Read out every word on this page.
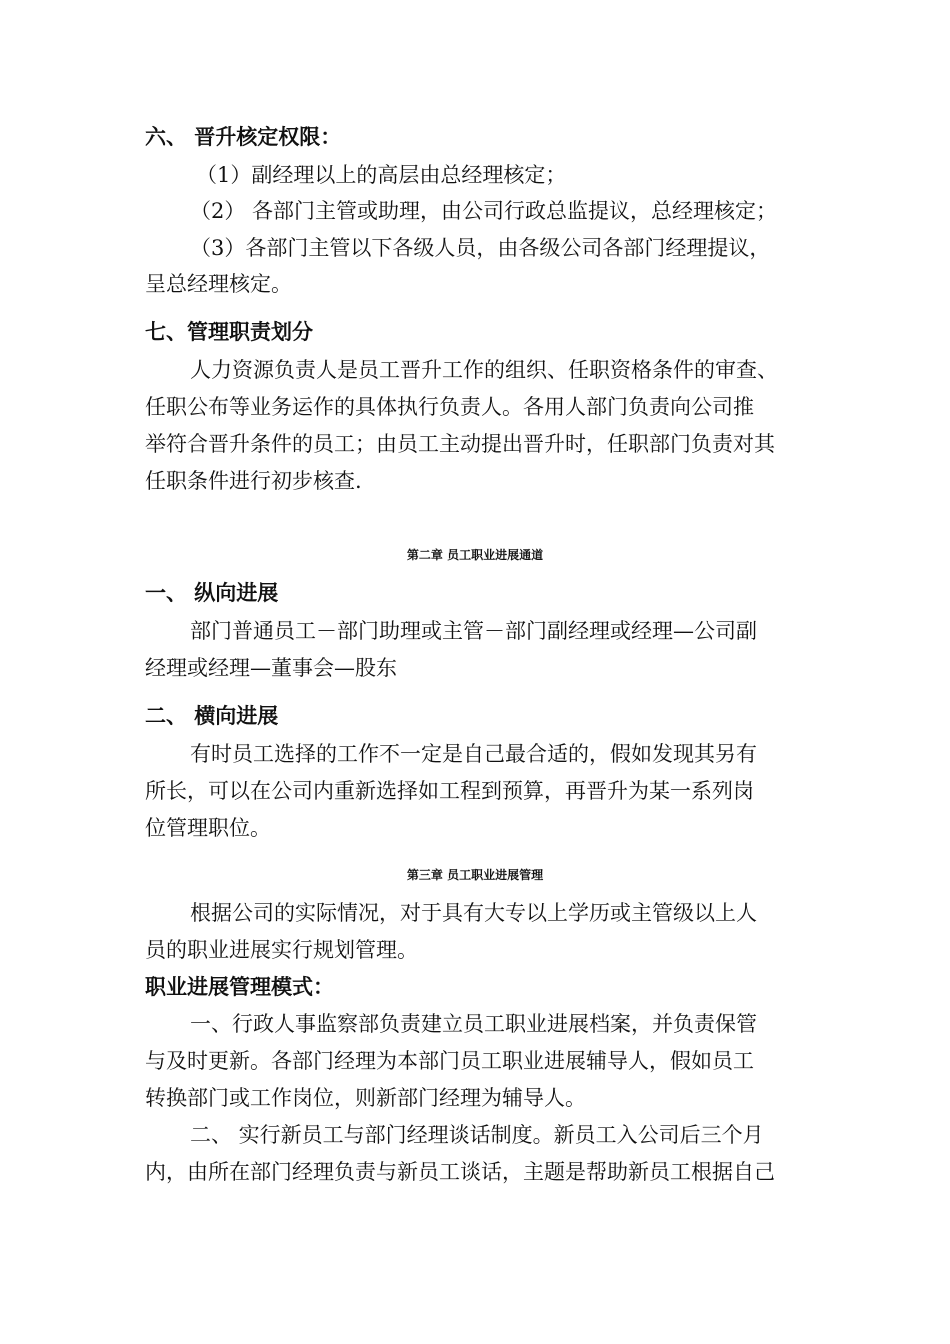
六、 晋升核定权限：
（1）副经理以上的高层由总经理核定；
（2） 各部门主管或助理，由公司行政总监提议，总经理核定；
（3）各部门主管以下各级人员，由各级公司各部门经理提议，
呈总经理核定。
七、管理职责划分
人力资源负责人是员工晋升工作的组织、任职资格条件的审查、
任职公布等业务运作的具体执行负责人。各用人部门负责向公司推
举符合晋升条件的员工；由员工主动提出晋升时，任职部门负责对其
任职条件进行初步核查.
第二章 员工职业进展通道
一、 纵向进展
部门普通员工－部门助理或主管－部门副经理或经理—公司副
经理或经理—董事会—股东
二、 横向进展
有时员工选择的工作不一定是自己最合适的，假如发现其另有
所长，可以在公司内重新选择如工程到预算，再晋升为某一系列岗
位管理职位。
第三章 员工职业进展管理
根据公司的实际情况，对于具有大专以上学历或主管级以上人
员的职业进展实行规划管理。
职业进展管理模式：
一、行政人事监察部负责建立员工职业进展档案，并负责保管
与及时更新。各部门经理为本部门员工职业进展辅导人，假如员工
转换部门或工作岗位，则新部门经理为辅导人。
二、 实行新员工与部门经理谈话制度。新员工入公司后三个月
内，由所在部门经理负责与新员工谈话，主题是帮助新员工根据自己
